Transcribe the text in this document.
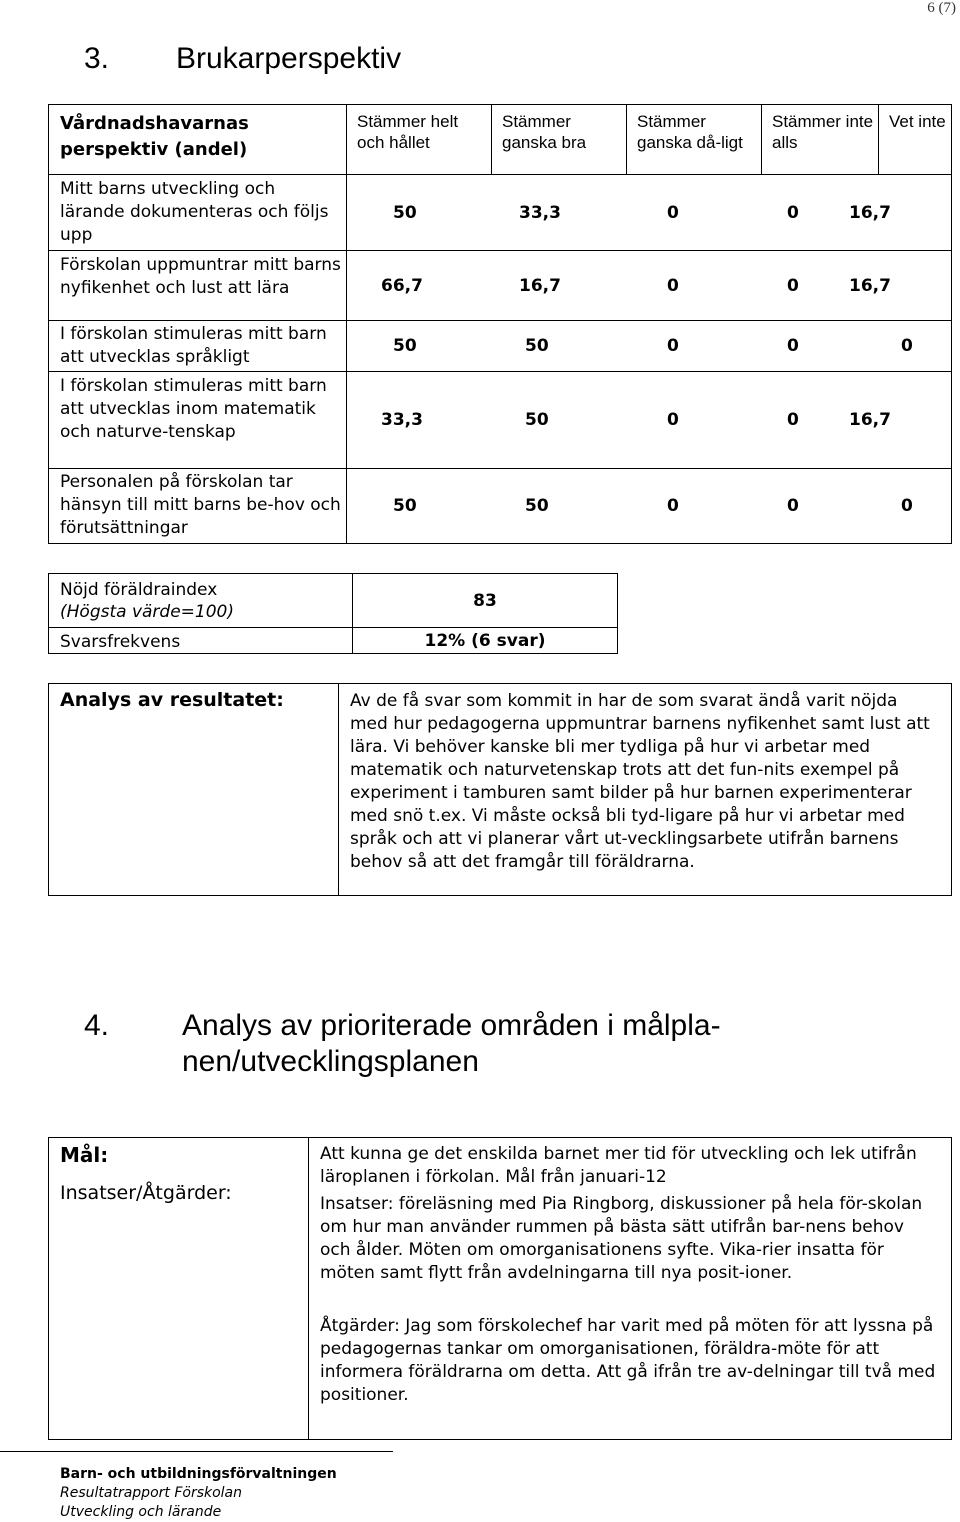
6 (7)
3. Brukarperspektiv
Vårdnadshavarnas perspektiv (andel)	Stämmer helt och hållet	Stämmer ganska bra	Stämmer ganska då-ligt	Stämmer inte alls	Vet inte
Mitt barns utveckling och lärande dokumenteras och följs upp	50 33,3 0 0 16,7				

Förskolan uppmuntrar mitt barns nyfikenhet och lust att lära	66,7 16,7 0 0 16,7				

I förskolan stimuleras mitt barn att utvecklas språkligt	50 50 0 0 0				

I förskolan stimuleras mitt barn att utvecklas inom matematik och naturve-tenskap	33,3 50 0 0 16,7				

Personalen på förskolan tar hänsyn till mitt barns be-hov och förutsättningar	50 50 0 0 0				
Nöjd föräldraindex
(Högsta värde=100)	83
Svarsfrekvens	12% (6 svar)
Analys av resultatet:	Av de få svar som kommit in har de som svarat ändå varit nöjda med hur pedagogerna uppmuntrar barnens nyfikenhet samt lust att lära. Vi behöver kanske bli mer tydliga på hur vi arbetar med matematik och naturvetenskap trots att det fun-nits exempel på experiment i tamburen samt bilder på hur barnen experimenterar med snö t.ex. Vi måste också bli tyd-ligare på hur vi arbetar med språk och att vi planerar vårt ut-vecklingsarbete utifrån barnens behov så att det framgår till föräldrarna.
4. Analys av prioriterade områden i målpla-
nen/utvecklingsplanen
Mål:
Insatser/Åtgärder:	

Att kunna ge det enskilda barnet mer tid för utveckling och lek utifrån läroplanen i förkolan. Mål från januari-12

Insatser: föreläsning med Pia Ringborg, diskussioner på hela för-skolan om hur man använder rummen på bästa sätt utifrån bar-nens behov och ålder. Möten om omorganisationens syfte. Vika-rier insatta för möten samt flytt från avdelningarna till nya posit-ioner.

Åtgärder: Jag som förskolechef har varit med på möten för att lyssna på pedagogernas tankar om omorganisationen, föräldra-möte för att informera föräldrarna om detta. Att gå ifrån tre av-delningar till två med positioner.

Barn- och utbildningsförvaltningen
Resultatrapport Förskolan
Utveckling och lärande
